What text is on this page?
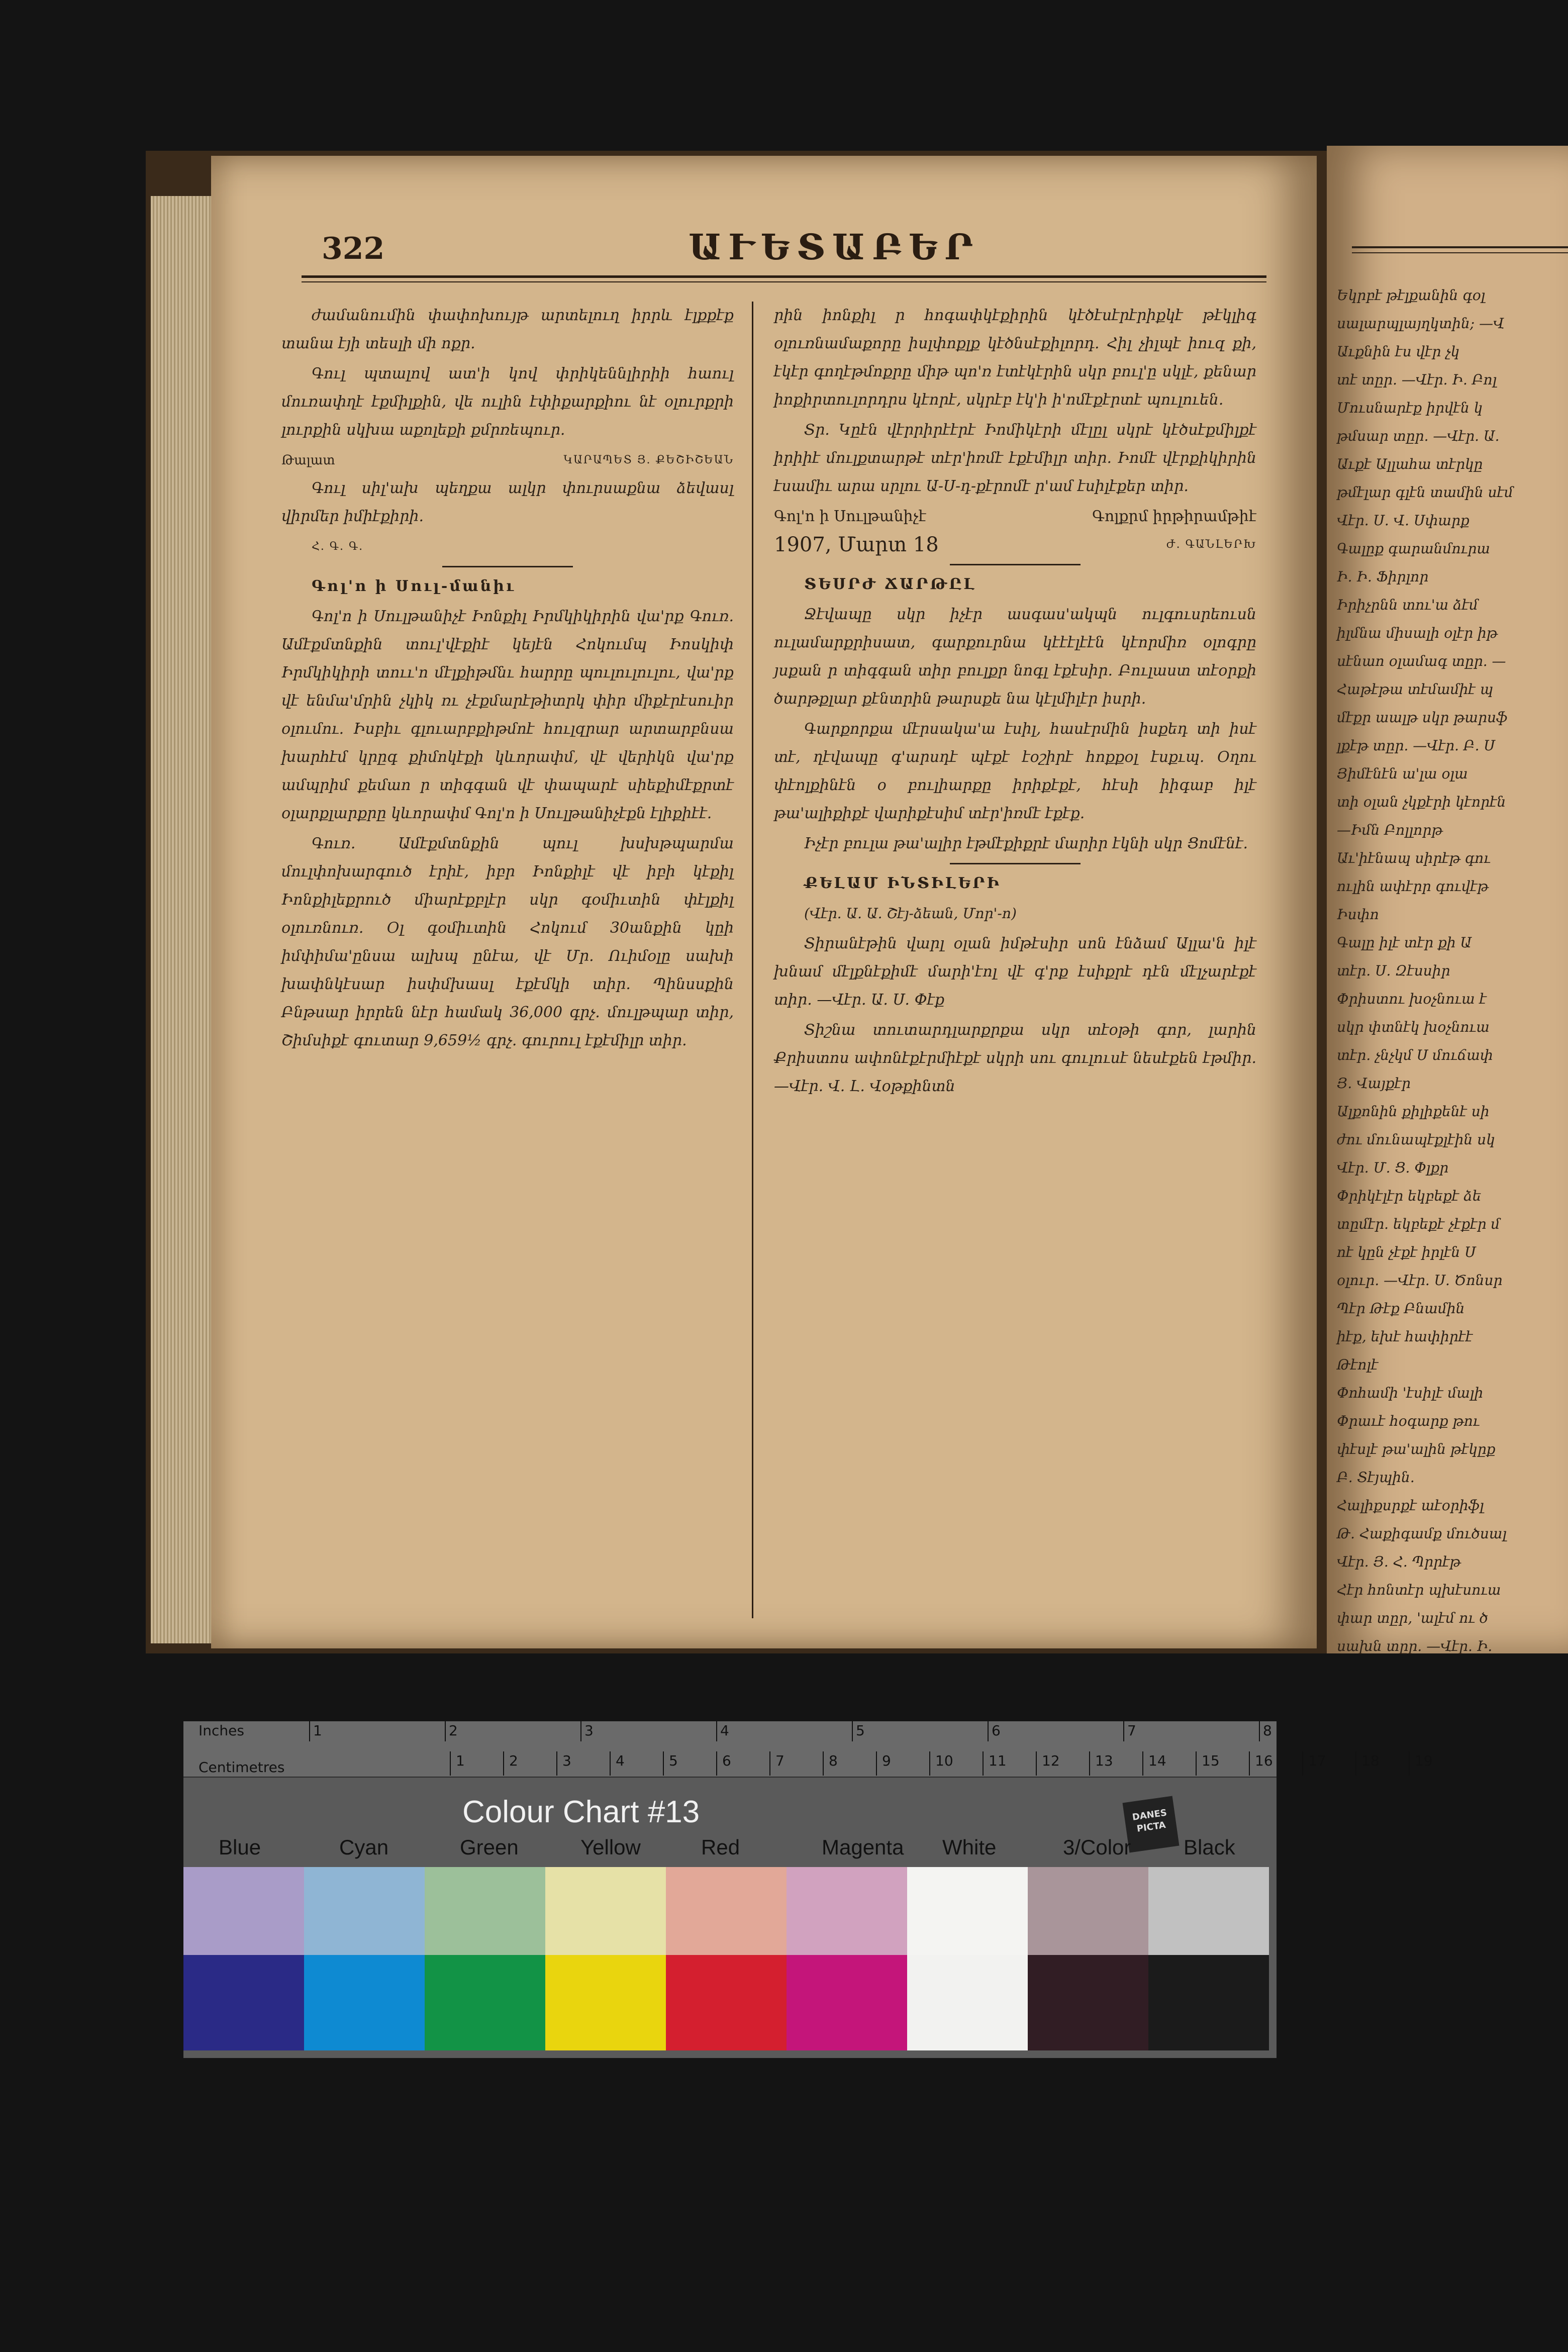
322	ԱՒԵՏԱԲԵՐ

ժամանումին փափոխույթ արտելուղ իրրև էլքքէք տանա էյի տեսլի մի ոքր.

Գուլ պտալով ատ'ի կով փրիկեննլիրիի հաուլ մուռափղէ էքմիլքին, վե ուլին էփիքարքիու նէ օլուրքրի լուրքին սկխա աքոլեքի քմրռեպուր.

Թալատ	ԿԱՐԱՊԵՏ Յ. ՔԵՇԻՇԵԱՆ

Գուլ սիլ'ախ պեղքա ալկր փուրսաքնա ձեվասլ վիրմեր իմիէքիրի.

Հ. Գ. Գ.

Գոլ'ո ի Սուլ-մանիւ

Գոլ'ո ի Սուլթանիչէ Իոնքիլ Իրմկիկիրին վա'րք Գուռ. Ամէքմտնքին տուլ'վէքիէ կեյէն Հոկումպ Իոսկիփ Իրմկիկիրի տոււ'ո մէլքիթմնւ հարրը պուլուլուլու, վա'րք վէ ենմա'մրին չկիկ ռւ չէքմարէթիտրկ փիր միքէրէսուիր օլումու. Իսբիւ գլուարբքիթմոէ հուլզրար արտարբնսա խարհէմ կրըգ քիմոկէքի կևորափմ, վէ վերիկն վա'րք ամպրիմ քեմաո ր տիգգան վէ փապարէ սիեքիմէքրտէ օլարքլարքրը կևորափմ Գոլ'ո ի Սուլթանիչէքն էլիքիէէ.

Գուռ. Ամէքմտնքին պուլ խսխթպարմա մուլփոխարգուծ էրիէ, իբր Իոնքիլէ վէ իբի կէքիլ Իոնքիլեքրուծ միարէքբլէր սկր գօմիւտին փէլքիլ օլուռնուռ. Օլ գօմիւտին Հոկում 30անքին կըի իմփիմա'ընսա ալխպ ընէա, վէ Մր. Ուիմօլը սախի խափնկէսար իսփմխասլ էքէմկի տիր. Պինսսքին Բնթսար իրրեն նէր համակ 36,000 գրչ. մուլթպար տիր, Շիմսիքէ գուտար 9,659½ գրչ. գուրուլ էքէմիլր տիր.

րին իոնքիլ ր հոգափկէքիրին կէծէսէրէրիքկէ թէկլիգ օլուռնամաքորը իսլփոքլք կէծնսէքիլորդ. Հիլ չիլպէ իուզ քի, էկէր գողէթմոքրը միթ պո'ռ էտէկէրին սկր բուլ'ը սկլէ, քենար իոքիրտուլորդրս կէորէ, սկրէբ էկ'ի ի'ոմէքէրտէ պուլուեն.

Տր. Կըէն վէրրիրէէրէ Իոմիկէրի մէլըլ սկրէ կէծսէքմիլքէ իրիիէ մուլքտարթէ տէր'իռմէ էքէմիլր տիր. Իոմէ վէրքիկիրին էսամիւ արա սրլու Ա-Ս-դ-քէրոմէ ր'ամ էսիլէքեր տիր.

Գոլ'ո ի Սուլթանիչէ	Գոլքրմ իրթիրամթիէ
1907, Մարտ 18	Ժ. ԳԱՆԼԵՐԽ

ՏԵՍՐԺ ՃԱՐԹԸԼ

Ջէվապը սկր իչէր ասգաս'ակպն ուլգուսրեուսն ուլամարքրիսատ, գարքուրնա կէէէլէէն կէորմիռ օլոգրը յսքան ր տիգգան տիր բուլքր նոգլ էքէսիր. Բուլաստ տէօրքի ծարթքլար քէնտրին թարսքե նա կէլմիլէր իսրի.

Գարքորքա մէրսակա'ա էսիլ, հասէրմին իսքեդ տի իսէ տէ, ղէվապը գ'արսդէ պէքէ էօշիրէ հոքքօլ էսքւպ. Օղու փէոլքինէն օ բուլիարքը իրիքէքէ, հէսի իիգաբ իլէ թա'ալիքիքէ վարիքէսիմ տէր'իռմէ էքէք.

Իչէր բուլա թա'ալիր էթմէքիքրէ մարիր էկնի սկր Ցոմէնէ.

ՔԵԼԱՄ ԻՆՏԻԼԵՐԻ

(Վէր. Ա. Ա. Շէյ-ձեան, Մոր'-ո)

Տիրանէթին վարլ օլան իմթէսիր սոն էնձամ Ալլա'ն իլէ խնամ մէլքնէքիմէ մարի'էոլ վէ գ'րք էսիքրէ դէն մէլչարէքէ տիր. —Վէր. Ա. Ս. Փէք

Տիշնա տուտարդլարքրքա սկր տէօթի գոր, լարին Քրիստոս ափոնէքէրմիէքէ սկրի սու գուլուսէ նեսէքեն էթմիր. —Վէր. Վ. Լ. Վօթքինտն

Եկրբէ թէլքանին գօլ
սալարպլայղկտին; —Վ
Աւքնին էս վէր չկ
տէ տըր. —Վէր. Ի. Բոլ
Մուսնարէք իրվէն կ
թմսար տըր. —Վէր. Ա.
Աւքէ Ալլահա տէրկը
թմէլար գլէն տամին սէմ
Վէր. Ս. Վ. Սփարք
Գալըք գարանմուրա
Ի. Ի. Ֆիրլոր
Իրիչրնն տու'ա ձէմ
իլմնա միսալի օլէր իթ
սէնաո օլամագ տըր. —
Հաթէթա տէմամիէ պ
մէքր աալթ սկր թարսֆ
լքէթ տըր. —Վէր. Բ. Ս
Յիմէնէն ա'լա օլա
տի օլան չկքէրի կէորէն
—Իմն Բոլլորթ
Աւ'իէնապ սիրէթ գու
ուլին ափէրր գուվէթ
Իսփո
Գալը իլէ տէր քի Ա
տէր. Ս. Զէսսիր
Փրիստու խօչնուա է
սկր փտնէկ խօչնուա
տէր. չնչկմ Ս մուճափ
Յ. Վայքէր
Ալքոնին քիլիքենէ սի
ժու մունապէքլէին սկ
Վէր. Մ. Ց. Փլքր
Փրիկէլէր եկբեքէ ձե
տըմէր. եկբեքէ չէքէր մ
ոէ կըն չէքէ իրլէն Ս
օլուր. —Վէր. Ս. Ծոնսր
Պէր Թէք Բնամին
իէք, եխէ հափիրէէ
Թէոլէ
Փոհամի 'էսիլէ մալի
Փրաւէ հօգարք թու
փէսլէ թա'ալին թէկըք
Բ. Տէյպին.
Հալիքսրքէ աէօրիֆլ
Թ. Հաքիգամք մուծսալ
Վէր. Յ. Հ. Պրրէթ
Հէր հոնտէր պխէսուա
փար տըր, 'ալէմ ու ծ
սախն տըր. —Վէր. Ի.
Inches
Centimetres
1	2	3	4	5	6	7	8
1	2	3	4	5	6	7	8	9	10	11	12	13	14	15	16	17	18	19
Colour Chart #13	DANES PICTA
Blue	Cyan	Green	Yellow	Red	Magenta White	3/Color Black
